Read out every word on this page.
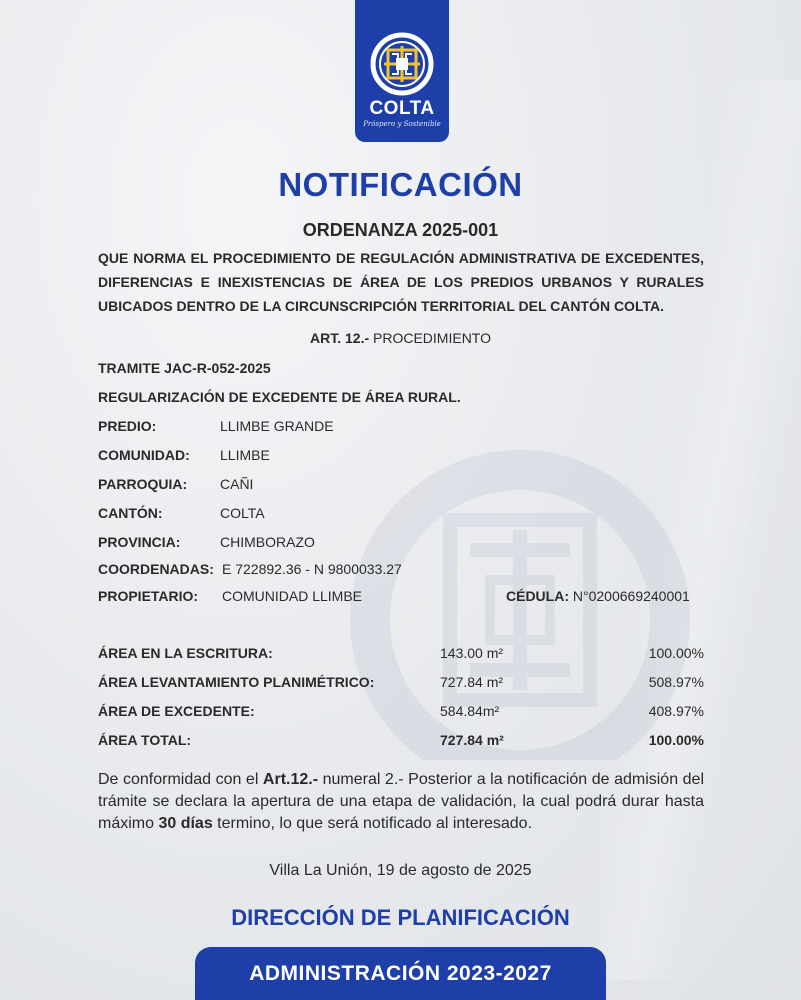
COLTA
Próspero y Sostenible
NOTIFICACIÓN
ORDENANZA 2025-001
QUE NORMA EL PROCEDIMIENTO DE REGULACIÓN ADMINISTRATIVA DE EXCEDENTES, DIFERENCIAS E INEXISTENCIAS DE ÁREA DE LOS PREDIOS URBANOS Y RURALES UBICADOS DENTRO DE LA CIRCUNSCRIPCIÓN TERRITORIAL DEL CANTÓN COLTA.
ART. 12.- PROCEDIMIENTO
TRAMITE JAC-R-052-2025
REGULARIZACIÓN DE EXCEDENTE DE ÁREA RURAL.
PREDIO:	LLIMBE GRANDE
COMUNIDAD: LLIMBE
PARROQUIA: CAÑI
CANTÓN:	COLTA
PROVINCIA:	CHIMBORAZO
COORDENADAS: E 722892.36 - N 9800033.27
PROPIETARIO: COMUNIDAD LLIMBE	CÉDULA: N°0200669240001
ÁREA EN LA ESCRITURA:	143.00 m²	100.00%
ÁREA LEVANTAMIENTO PLANIMÉTRICO:	727.84 m²	508.97%
ÁREA DE EXCEDENTE:	584.84m²	408.97%
ÁREA TOTAL:	727.84 m²	100.00%
De conformidad con el Art.12.- numeral 2.- Posterior a la notificación de admisión del trámite se declara la apertura de una etapa de validación, la cual podrá durar hasta máximo 30 días termino, lo que será notificado al interesado.
Villa La Unión, 19 de agosto de 2025
DIRECCIÓN DE PLANIFICACIÓN
ADMINISTRACIÓN 2023-2027
